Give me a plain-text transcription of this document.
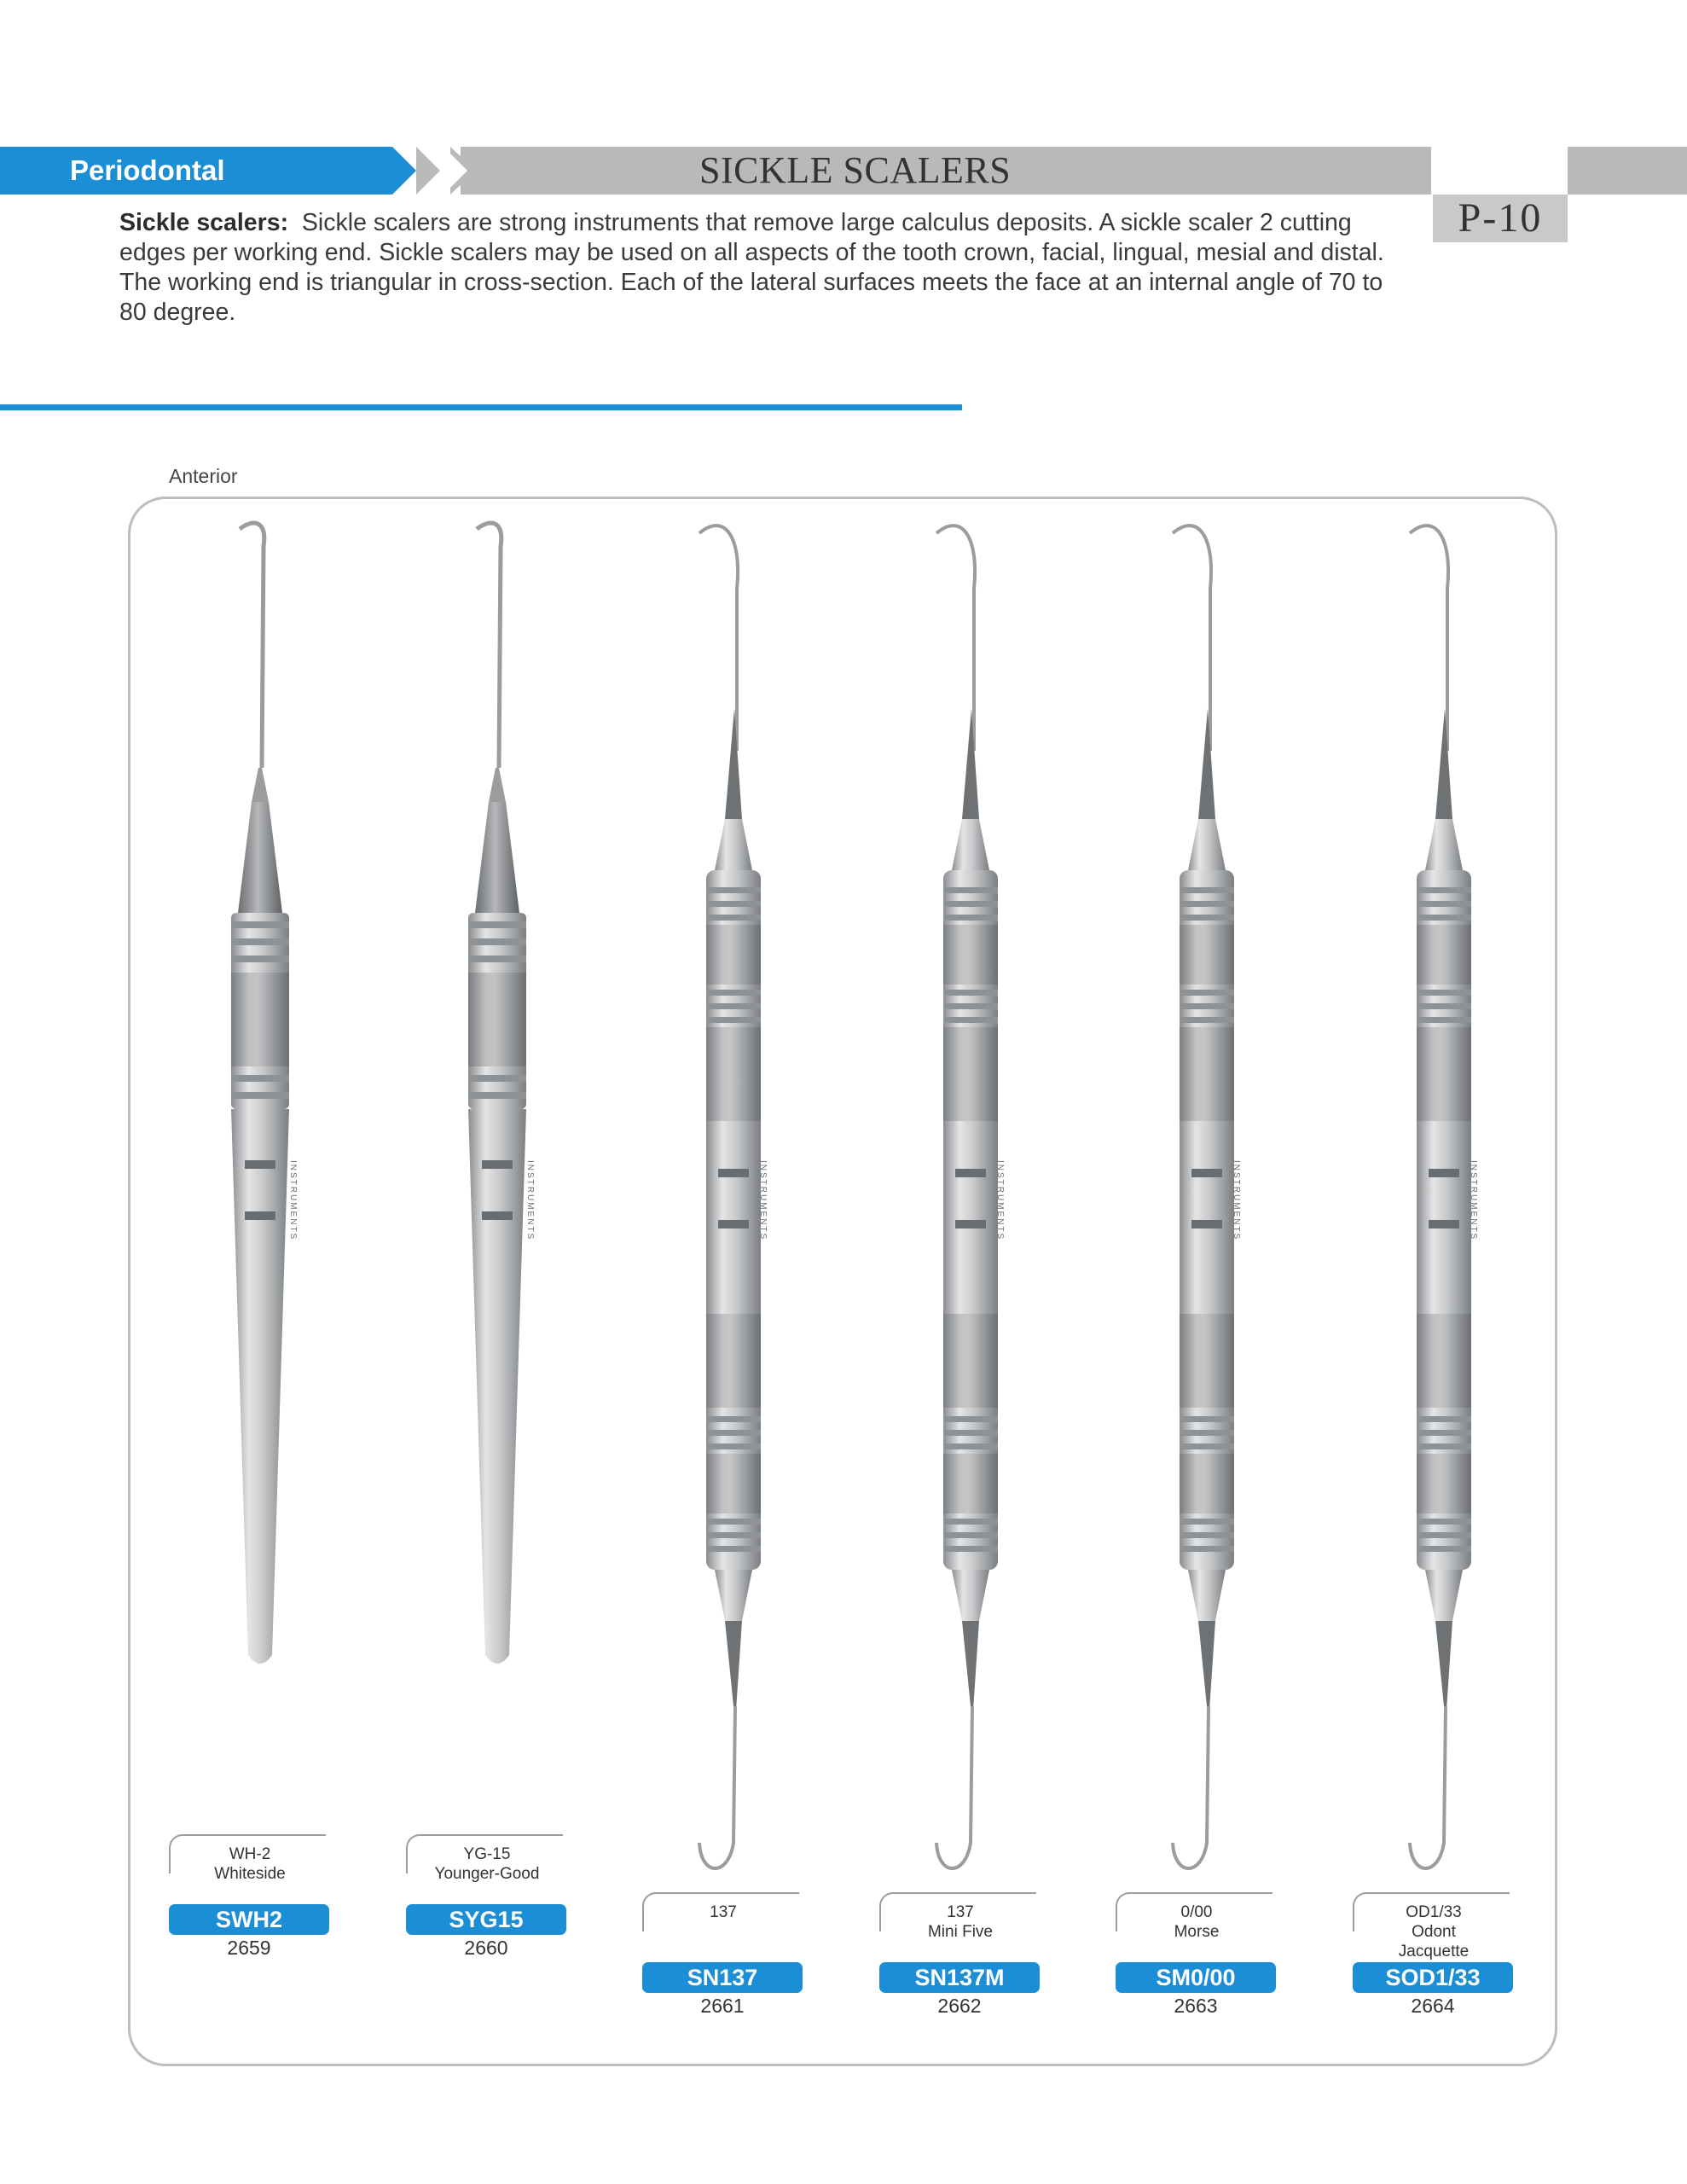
Periodontal	SICKLE SCALERS
P-10
Sickle scalers: Sickle scalers are strong instruments that remove large calculus deposits. A sickle scaler 2 cutting edges per working end. Sickle scalers may be used on all aspects of the tooth crown, facial, lingual, mesial and distal. The working end is triangular in cross-section. Each of the lateral surfaces meets the face at an internal angle of 70 to 80 degree.
Anterior
INSTRUMENTS
WH-2
Whiteside
SWH2
2659
INSTRUMENTS
YG-15
Younger-Good
SYG15
2660
INSTRUMENTS
137
SN137
2661
INSTRUMENTS
137
Mini Five
SN137M
2662
INSTRUMENTS
0/00
Morse
SM0/00
2663
INSTRUMENTS
OD1/33
Odont
Jacquette
SOD1/33
2664
